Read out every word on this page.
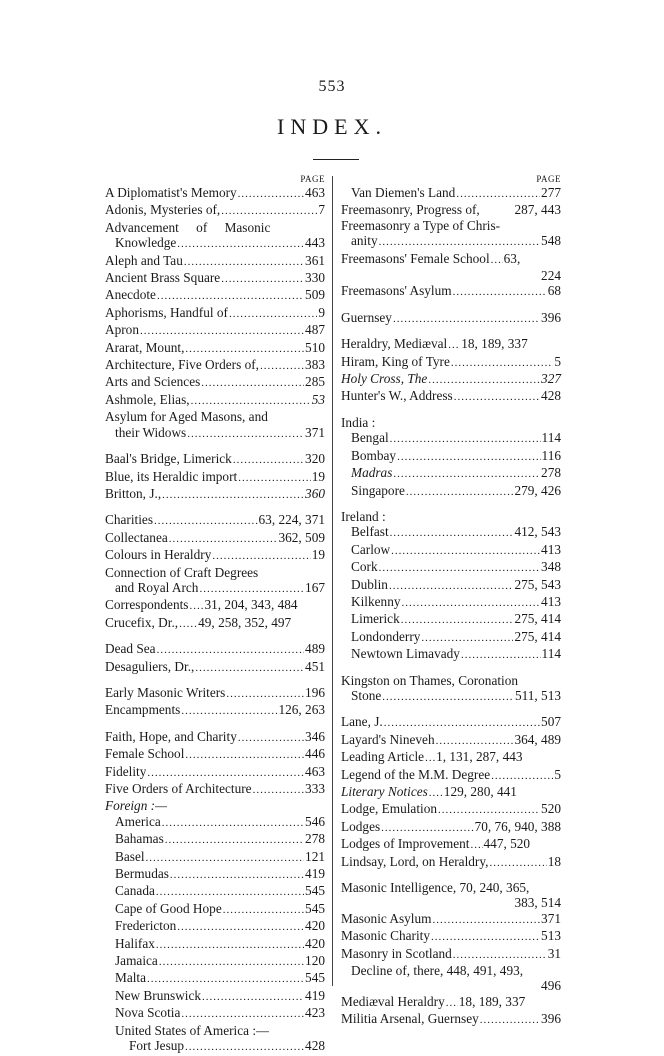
553
INDEX.
PAGE
A Diplomatist's Memory .....	463
Adonis, Mysteries of, .....	7
Advancement of Masonic
Knowledge .....	443
Aleph and Tau .....	361
Ancient Brass Square .....	330
Anecdote .....	509
Aphorisms, Handful of .....	9
Apron .....	487
Ararat, Mount, .....	510
Architecture, Five Orders of, .....	383
Arts and Sciences .....	285
Ashmole, Elias, .....	53
Asylum for Aged Masons, and
their Widows .....	371
Baal's Bridge, Limerick .....	320
Blue, its Heraldic import .....	19
Britton, J., .....	360
Charities .....	63, 224, 371
Collectanea .....	362, 509
Colours in Heraldry .....	19
Connection of Craft Degrees
and Royal Arch .....	167
Correspondents ..... 31, 204, 343, 484
Crucefix, Dr., ..... 49, 258, 352, 497
Dead Sea .....	489
Desaguliers, Dr., .....	451
Early Masonic Writers .....	196
Encampments .....	126, 263
Faith, Hope, and Charity .....	346
Female School .....	446
Fidelity .....	463
Five Orders of Architecture .....	333
Foreign :—
America .....	546
Bahamas .....	278
Basel .....	121
Bermudas .....	419
Canada .....	545
Cape of Good Hope .....	545
Fredericton .....	420
Halifax .....	420
Jamaica .....	120
Malta .....	545
New Brunswick .....	419
Nova Scotia .....	423
United States of America :—
Fort Jesup .....	428
PAGE
Van Diemen's Land .....	277
Freemasonry, Progress of,	287, 443
Freemasonry a Type of Chris-
anity .....	548
Freemasons' Female School ..... 63,
224
Freemasons' Asylum .....	68
Guernsey .....	396
Heraldry, Mediæval ..... 18, 189, 337
Hiram, King of Tyre .....	5
Holy Cross, The .....	327
Hunter's W., Address .....	428
India :
Bengal .....	114
Bombay .....	116
Madras .....	278
Singapore .....	279, 426
Ireland :
Belfast .....	412, 543
Carlow .....	413
Cork .....	348
Dublin .....	275, 543
Kilkenny .....	413
Limerick .....	275, 414
Londonderry .....	275, 414
Newtown Limavady .....	114
Kingston on Thames, Coronation
Stone .....	511, 513
Lane, J. .....	507
Layard's Nineveh .....	364, 489
Leading Article ..... 1, 131, 287, 443
Legend of the M.M. Degree .....	5
Literary Notices ..... 129, 280, 441
Lodge, Emulation .....	520
Lodges .....	70, 76, 940, 388
Lodges of Improvement ..... 447, 520
Lindsay, Lord, on Heraldry, .....	18
Masonic Intelligence, 70, 240, 365,
383, 514
Masonic Asylum .....	371
Masonic Charity .....	513
Masonry in Scotland .....	31
Decline of, there, 448, 491, 493,
496
Mediæval Heraldry ..... 18, 189, 337
Militia Arsenal, Guernsey .....	396
